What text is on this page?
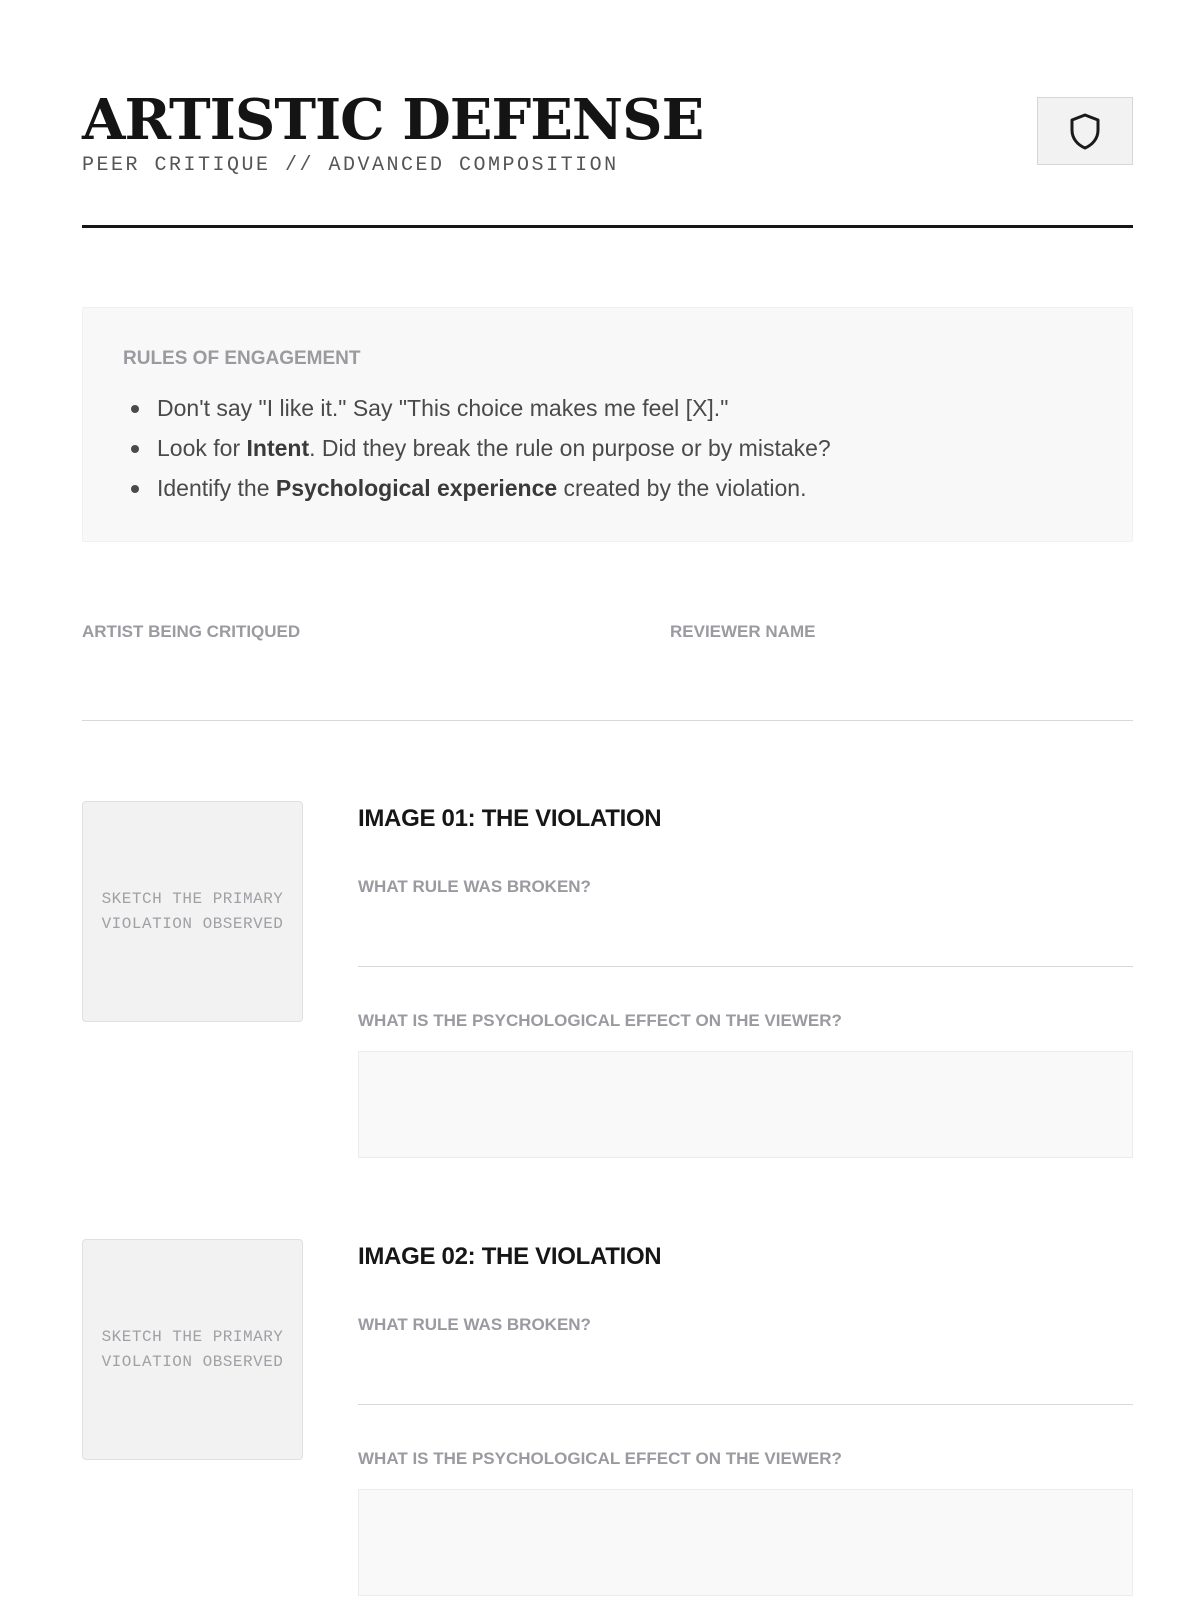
ARTISTIC DEFENSE
PEER CRITIQUE // ADVANCED COMPOSITION
RULES OF ENGAGEMENT
Don't say "I like it." Say "This choice makes me feel [X]."
Look for Intent. Did they break the rule on purpose or by mistake?
Identify the Psychological experience created by the violation.
ARTIST BEING CRITIQUED	REVIEWER NAME
SKETCH THE PRIMARY VIOLATION OBSERVED
IMAGE 01: THE VIOLATION
WHAT RULE WAS BROKEN?
WHAT IS THE PSYCHOLOGICAL EFFECT ON THE VIEWER?
SKETCH THE PRIMARY VIOLATION OBSERVED
IMAGE 02: THE VIOLATION
WHAT RULE WAS BROKEN?
WHAT IS THE PSYCHOLOGICAL EFFECT ON THE VIEWER?
